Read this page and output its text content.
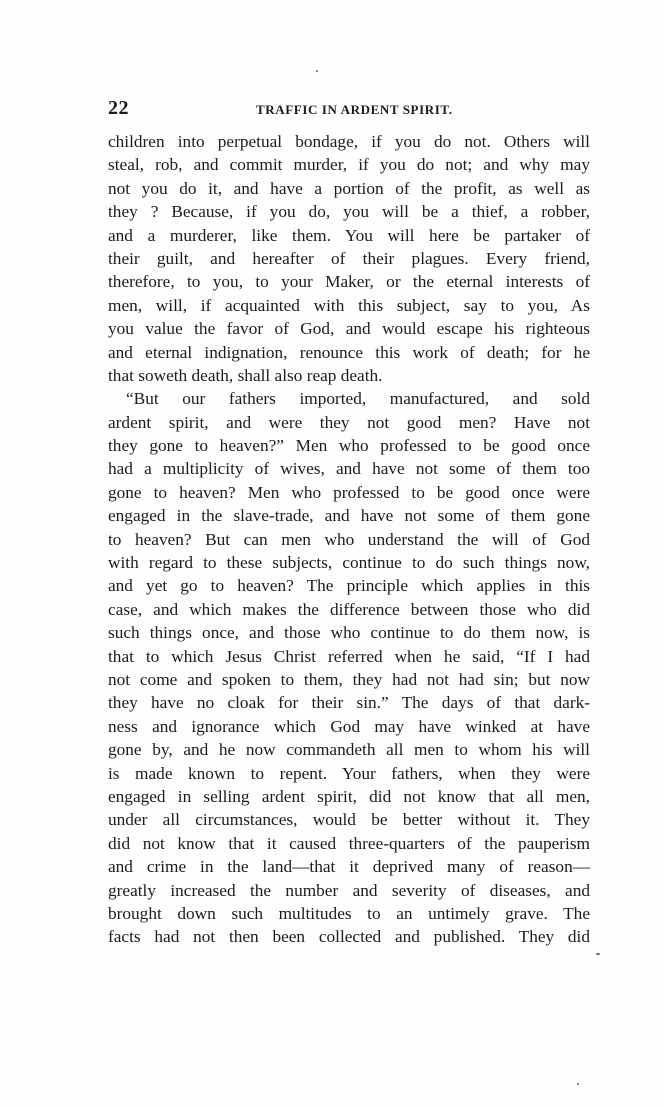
22	TRAFFIC IN ARDENT SPIRIT.
children into perpetual bondage, if you do not. Others will
steal, rob, and commit murder, if you do not; and why may
not you do it, and have a portion of the profit, as well as
they ? Because, if you do, you will be a thief, a robber,
and a murderer, like them. You will here be partaker of
their guilt, and hereafter of their plagues. Every friend,
therefore, to you, to your Maker, or the eternal interests of
men, will, if acquainted with this subject, say to you, As
you value the favor of God, and would escape his righteous
and eternal indignation, renounce this work of death; for he
that soweth death, shall also reap death.
“But our fathers imported, manufactured, and sold
ardent spirit, and were they not good men? Have not
they gone to heaven?” Men who professed to be good once
had a multiplicity of wives, and have not some of them too
gone to heaven? Men who professed to be good once were
engaged in the slave-trade, and have not some of them gone
to heaven? But can men who understand the will of God
with regard to these subjects, continue to do such things now,
and yet go to heaven? The principle which applies in this
case, and which makes the difference between those who did
such things once, and those who continue to do them now, is
that to which Jesus Christ referred when he said, “If I had
not come and spoken to them, they had not had sin; but now
they have no cloak for their sin.” The days of that dark-
ness and ignorance which God may have winked at have
gone by, and he now commandeth all men to whom his will
is made known to repent. Your fathers, when they were
engaged in selling ardent spirit, did not know that all men,
under all circumstances, would be better without it. They
did not know that it caused three-quarters of the pauperism
and crime in the land—that it deprived many of reason—
greatly increased the number and severity of diseases, and
brought down such multitudes to an untimely grave. The
facts had not then been collected and published. They did
